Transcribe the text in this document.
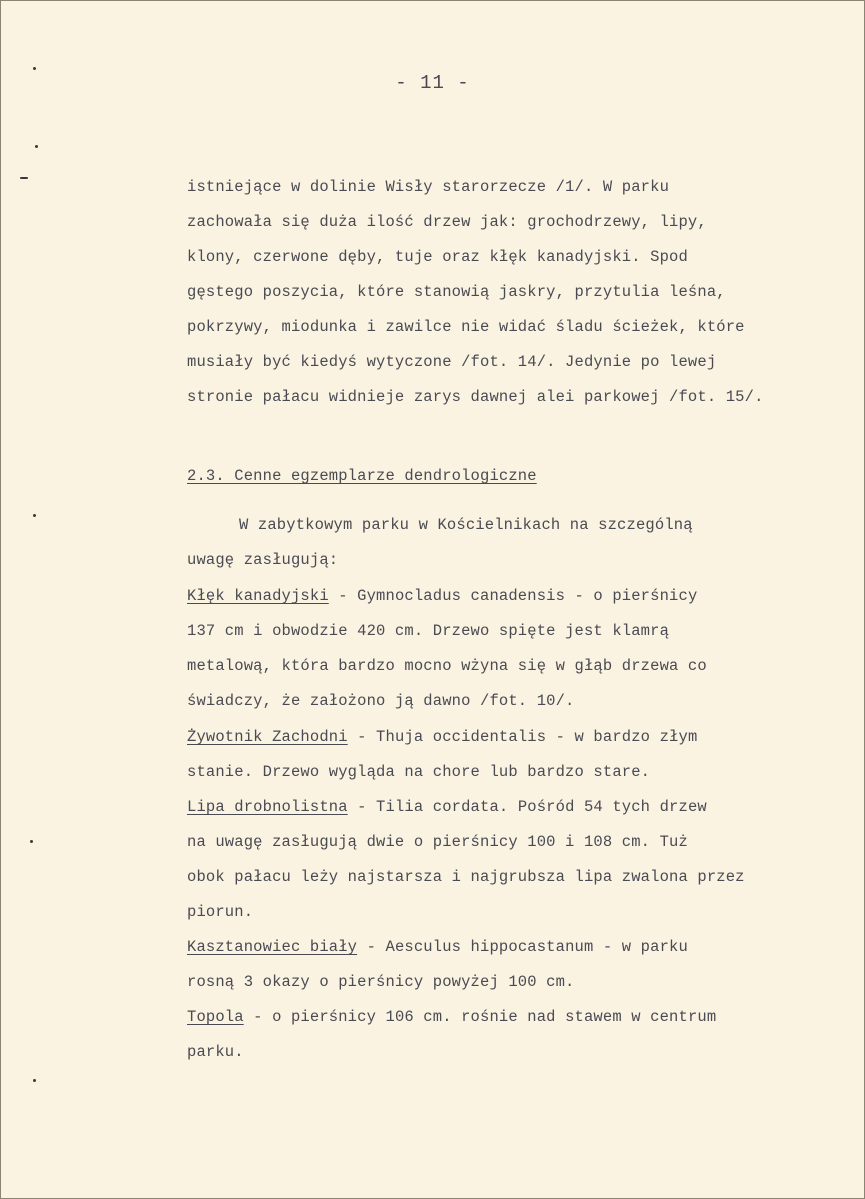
- 11 -
istniejące w dolinie Wisły starorzecze /1/. W parku
zachowała się duża ilość drzew jak: grochodrzewy, lipy,
klony, czerwone dęby, tuje oraz kłęk kanadyjski. Spod
gęstego poszycia, które stanowią jaskry, przytulia leśna,
pokrzywy, miodunka i zawilce nie widać śladu ścieżek, które
musiały być kiedyś wytyczone /fot. 14/. Jedynie po lewej
stronie pałacu widnieje zarys dawnej alei parkowej /fot. 15/.
2.3. Cenne egzemplarze dendrologiczne
W zabytkowym parku w Kościelnikach na szczególną
uwagę zasługują:
Kłęk kanadyjski - Gymnocladus canadensis - o pierśnicy
137 cm i obwodzie 420 cm. Drzewo spięte jest klamrą
metalową, która bardzo mocno wżyna się w głąb drzewa co
świadczy, że założono ją dawno /fot. 10/.
Żywotnik Zachodni - Thuja occidentalis - w bardzo złym
stanie. Drzewo wygląda na chore lub bardzo stare.
Lipa drobnolistna - Tilia cordata. Pośród 54 tych drzew
na uwagę zasługują dwie o pierśnicy 100 i 108 cm. Tuż
obok pałacu leży najstarsza i najgrubsza lipa zwalona przez
piorun.
Kasztanowiec biały - Aesculus hippocastanum - w parku
rosną 3 okazy o pierśnicy powyżej 100 cm.
Topola - o pierśnicy 106 cm. rośnie nad stawem w centrum
parku.
